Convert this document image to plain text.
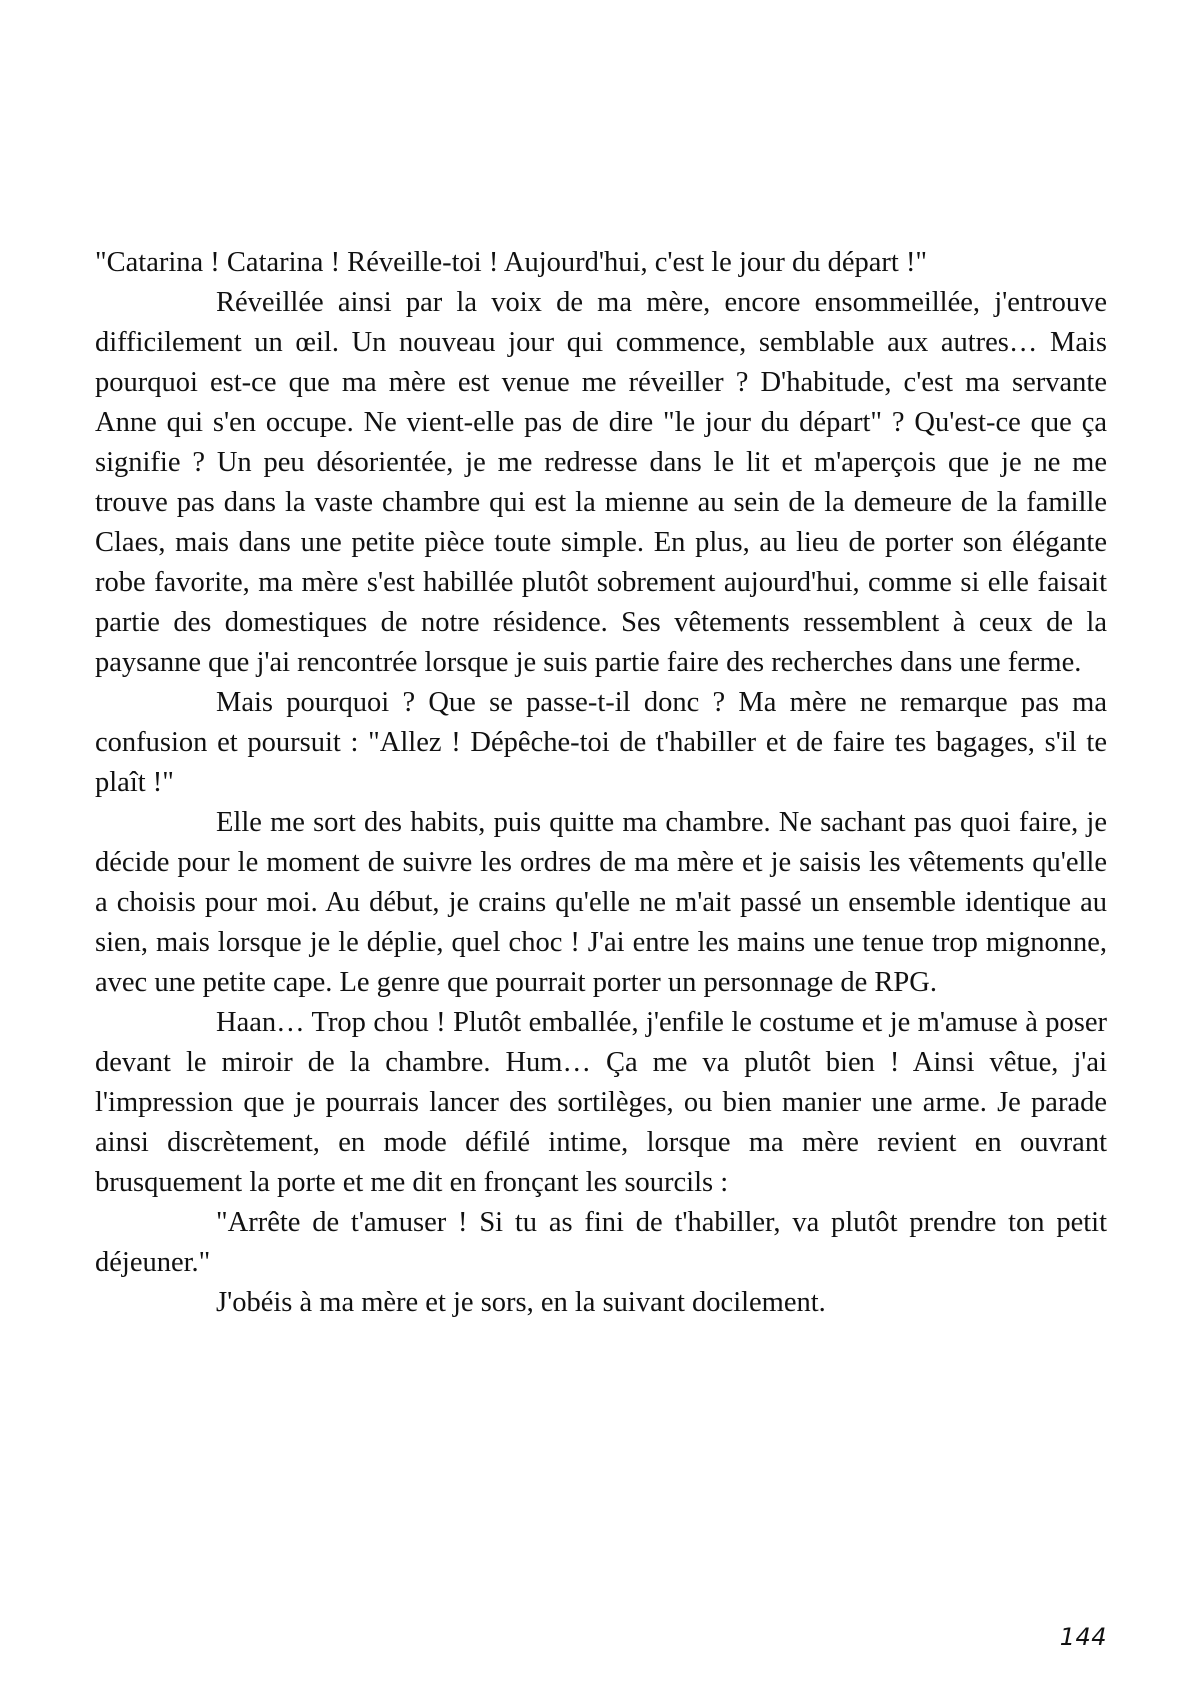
"Catarina ! Catarina ! Réveille-toi ! Aujourd'hui, c'est le jour du départ !"

Réveillée ainsi par la voix de ma mère, encore ensommeillée, j'entrouve difficilement un œil. Un nouveau jour qui commence, semblable aux autres… Mais pourquoi est-ce que ma mère est venue me réveiller ? D'habitude, c'est ma servante Anne qui s'en occupe. Ne vient-elle pas de dire "le jour du départ" ? Qu'est-ce que ça signifie ? Un peu désorientée, je me redresse dans le lit et m'aperçois que je ne me trouve pas dans la vaste chambre qui est la mienne au sein de la demeure de la famille Claes, mais dans une petite pièce toute simple. En plus, au lieu de porter son élégante robe favorite, ma mère s'est habillée plutôt sobrement aujourd'hui, comme si elle faisait partie des domestiques de notre résidence. Ses vêtements ressemblent à ceux de la paysanne que j'ai rencontrée lorsque je suis partie faire des recherches dans une ferme.

Mais pourquoi ? Que se passe-t-il donc ? Ma mère ne remarque pas ma confusion et poursuit : "Allez ! Dépêche-toi de t'habiller et de faire tes bagages, s'il te plaît !"

Elle me sort des habits, puis quitte ma chambre. Ne sachant pas quoi faire, je décide pour le moment de suivre les ordres de ma mère et je saisis les vêtements qu'elle a choisis pour moi. Au début, je crains qu'elle ne m'ait passé un ensemble identique au sien, mais lorsque je le déplie, quel choc ! J'ai entre les mains une tenue trop mignonne, avec une petite cape. Le genre que pourrait porter un personnage de RPG.

Haan… Trop chou ! Plutôt emballée, j'enfile le costume et je m'amuse à poser devant le miroir de la chambre. Hum… Ça me va plutôt bien ! Ainsi vêtue, j'ai l'impression que je pourrais lancer des sortilèges, ou bien manier une arme. Je parade ainsi discrètement, en mode défilé intime, lorsque ma mère revient en ouvrant brusquement la porte et me dit en fronçant les sourcils :

"Arrête de t'amuser ! Si tu as fini de t'habiller, va plutôt prendre ton petit déjeuner."

J'obéis à ma mère et je sors, en la suivant docilement.

144
